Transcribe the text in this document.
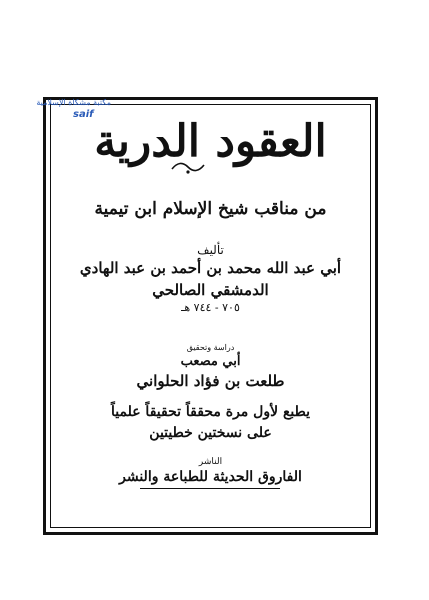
مكتبة مشكاة الإسلامية
saif
العقود الدرية
من مناقب شيخ الإسلام ابن تيمية
تأليف
أبي عبد الله محمد بن أحمد بن عبد الهادي
الدمشقي الصالحي
٧٠٥ - ٧٤٤ هـ
دراسة وتحقيق
أبي مصعب
طلعت بن فؤاد الحلواني
يطبع لأول مرة محققاً تحقيقاً علمياً
على نسختين خطيتين
الناشر
الفاروق الحديثة للطباعة والنشر
